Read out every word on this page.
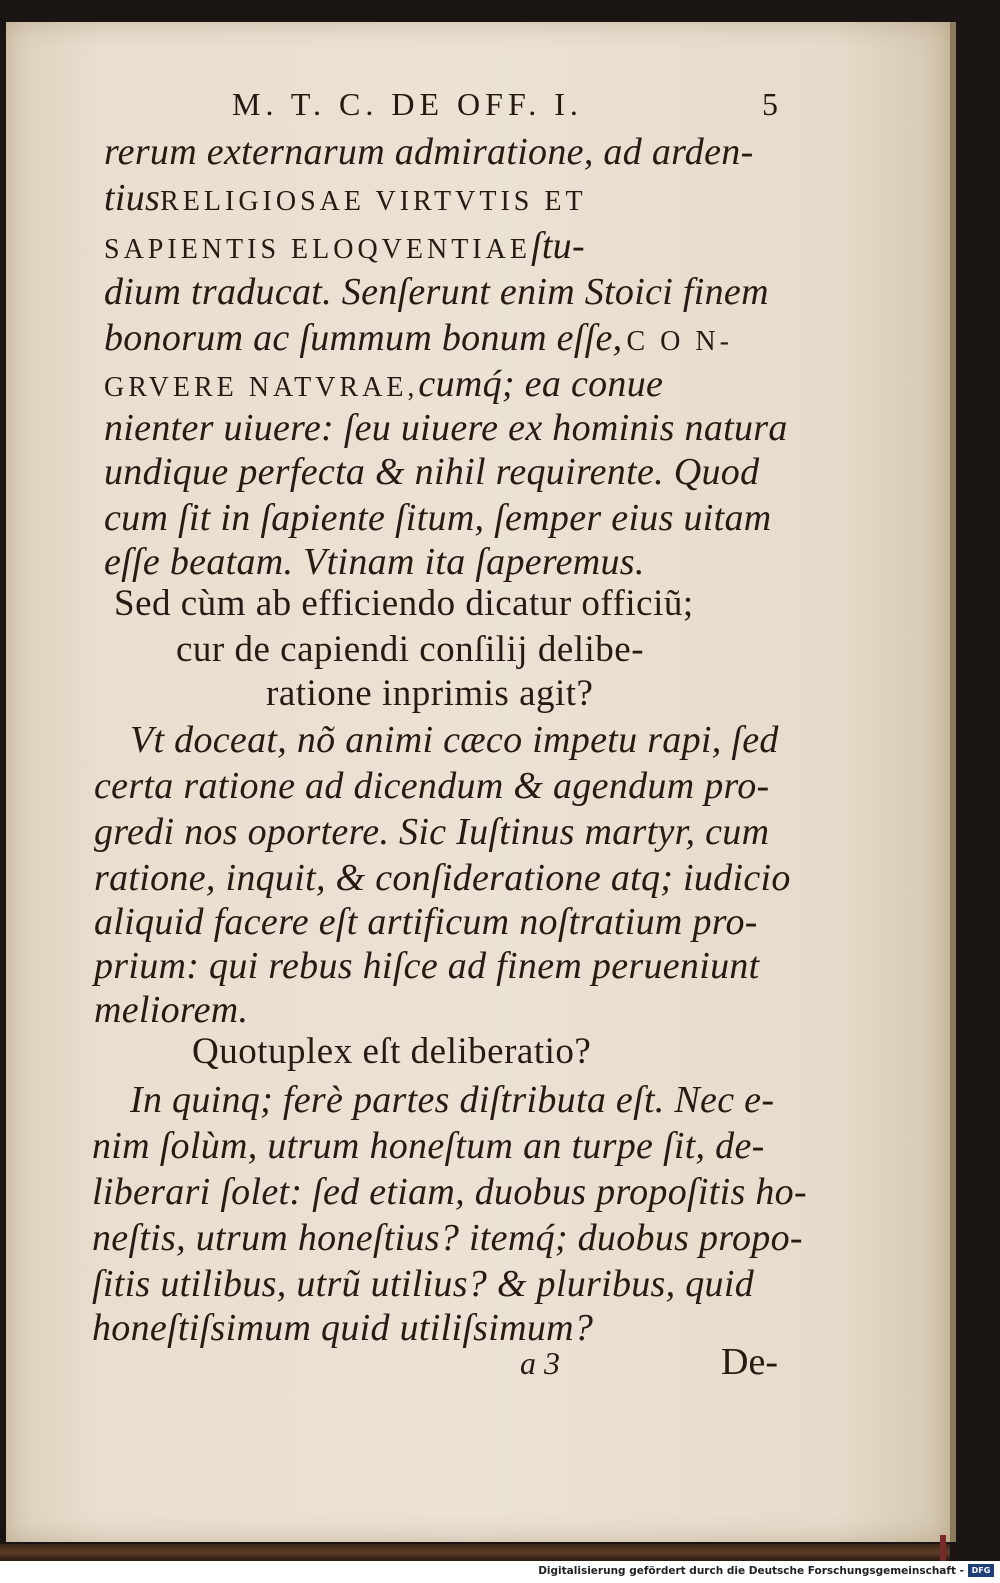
M. T. C. DE OFF. I.	5
rerum externarum admiratione, ad arden-
tiusRELIGIOSAE VIRTVTIS ET
SAPIENTIS ELOQVENTIAEſtu-
dium traducat. Senſerunt enim Stoici finem
bonorum ac ſummum bonum eſſe, C O N-
GRVERE NATVRAE,cumq́; ea conue
nienter uiuere: ſeu uiuere ex hominis natura
undique perfecta & nihil requirente. Quod
cum ſit in ſapiente ſitum, ſemper eius uitam
eſſe beatam. Vtinam ita ſaperemus.
Sed cùm ab efficiendo dicatur officiũ;
cur de capiendi conſilij delibe-
ratione inprimis agit?
Vt doceat, nõ animi cæco impetu rapi, ſed
certa ratione ad dicendum & agendum pro-
gredi nos oportere. Sic Iuſtinus martyr, cum
ratione, inquit, & conſideratione atq; iudicio
aliquid facere eſt artificum noſtratium pro-
prium: qui rebus hiſce ad finem perueniunt
meliorem.
Quotuplex eſt deliberatio?
In quinq; ferè partes diſtributa eſt. Nec e-
nim ſolùm, utrum honeſtum an turpe ſit, de-
liberari ſolet: ſed etiam, duobus propoſitis ho-
neſtis, utrum honeſtius? itemq́; duobus propo-
ſitis utilibus, utrũ utilius? & pluribus, quid
honeſtiſsimum quid utiliſsimum?
a 3	De-
Digitalisierung gefördert durch die Deutsche Forschungsgemeinschaft - DFG
